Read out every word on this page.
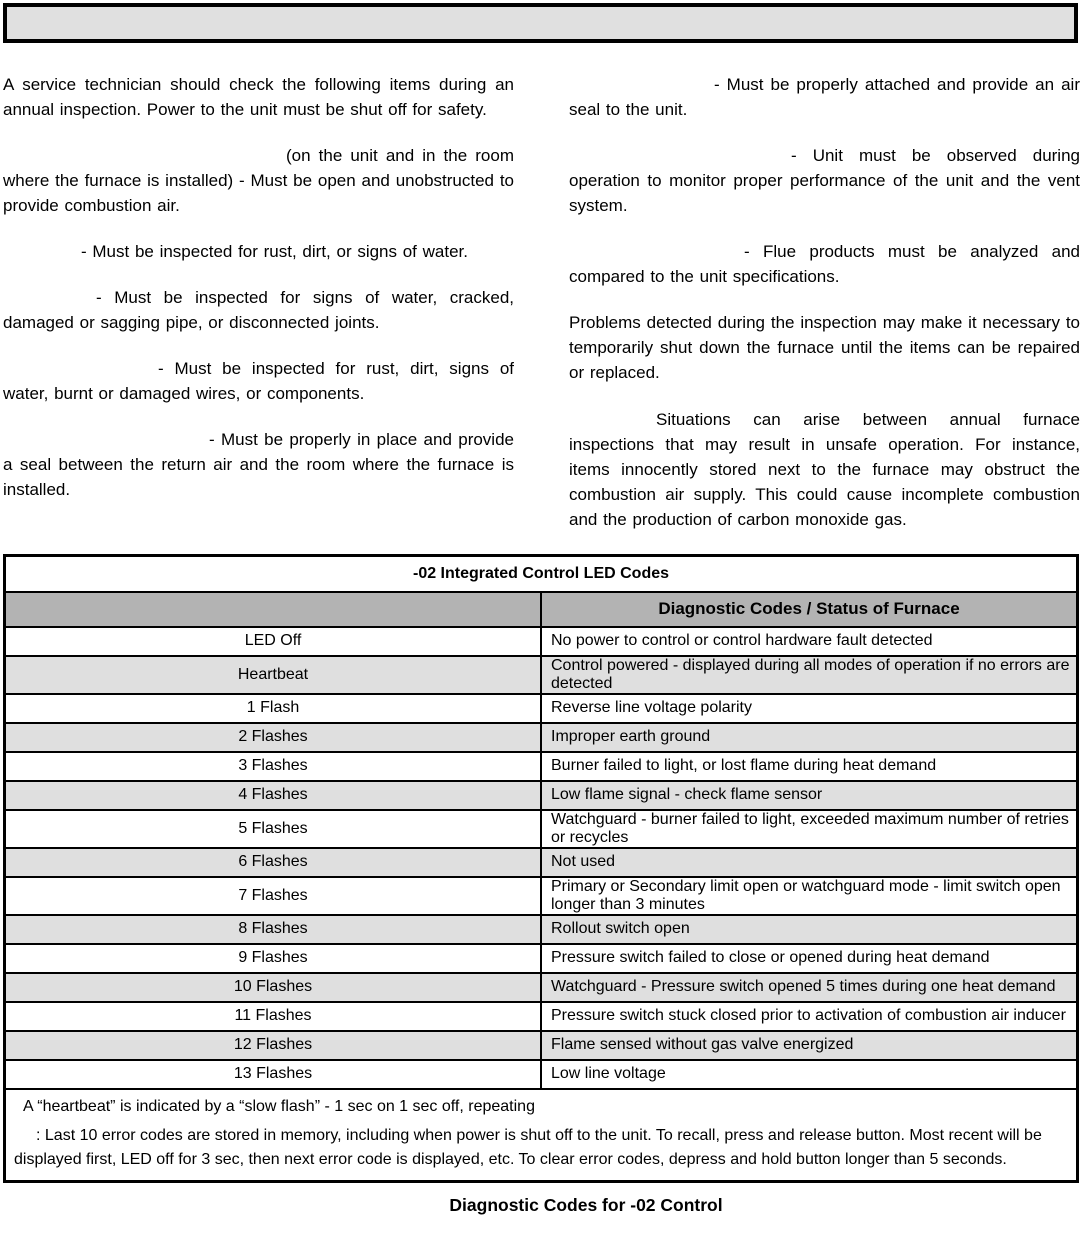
A service technician should check the following items during an annual inspection. Power to the unit must be shut off for safety.

(on the unit and in the room where the furnace is installed) - Must be open and unobstructed to provide combustion air.

- Must be inspected for rust, dirt, or signs of water.

- Must be inspected for signs of water, cracked, damaged or sagging pipe, or disconnected joints.

- Must be inspected for rust, dirt, signs of water, burnt or damaged wires, or components.

- Must be properly in place and provide a seal between the return air and the room where the furnace is installed.

- Must be properly attached and provide an air seal to the unit.

- Unit must be observed during operation to monitor proper performance of the unit and the vent system.

- Flue products must be analyzed and compared to the unit specifications.

Problems detected during the inspection may make it necessary to temporarily shut down the furnace until the items can be repaired or replaced.

Situations can arise between annual furnace inspections that may result in unsafe operation. For instance, items innocently stored next to the furnace may obstruct the combustion air supply. This could cause incomplete combustion and the production of carbon monoxide gas.

-02 Integrated Control LED Codes	
	Diagnostic Codes / Status of Furnace
LED Off	No power to control or control hardware fault detected
Heartbeat	Control powered - displayed during all modes of operation if no errors are detected
1 Flash	Reverse line voltage polarity
2 Flashes	Improper earth ground
3 Flashes	Burner failed to light, or lost flame during heat demand
4 Flashes	Low flame signal - check flame sensor
5 Flashes	Watchguard - burner failed to light, exceeded maximum number of retries or recycles
6 Flashes	Not used
7 Flashes	Primary or Secondary limit open or watchguard mode - limit switch open longer than 3 minutes
8 Flashes	Rollout switch open
9 Flashes	Pressure switch failed to close or opened during heat demand
10 Flashes	Watchguard - Pressure switch opened 5 times during one heat demand
11 Flashes	Pressure switch stuck closed prior to activation of combustion air inducer
12 Flashes	Flame sensed without gas valve energized
13 Flashes	Low line voltage

A “heartbeat” is indicated by a “slow flash” - 1 sec on 1 sec off, repeating

: Last 10 error codes are stored in memory, including when power is shut off to the unit. To recall, press and release button. Most recent will be displayed first, LED off for 3 sec, then next error code is displayed, etc. To clear error codes, depress and hold button longer than 5 seconds.	

Diagnostic Codes for -02 Control
